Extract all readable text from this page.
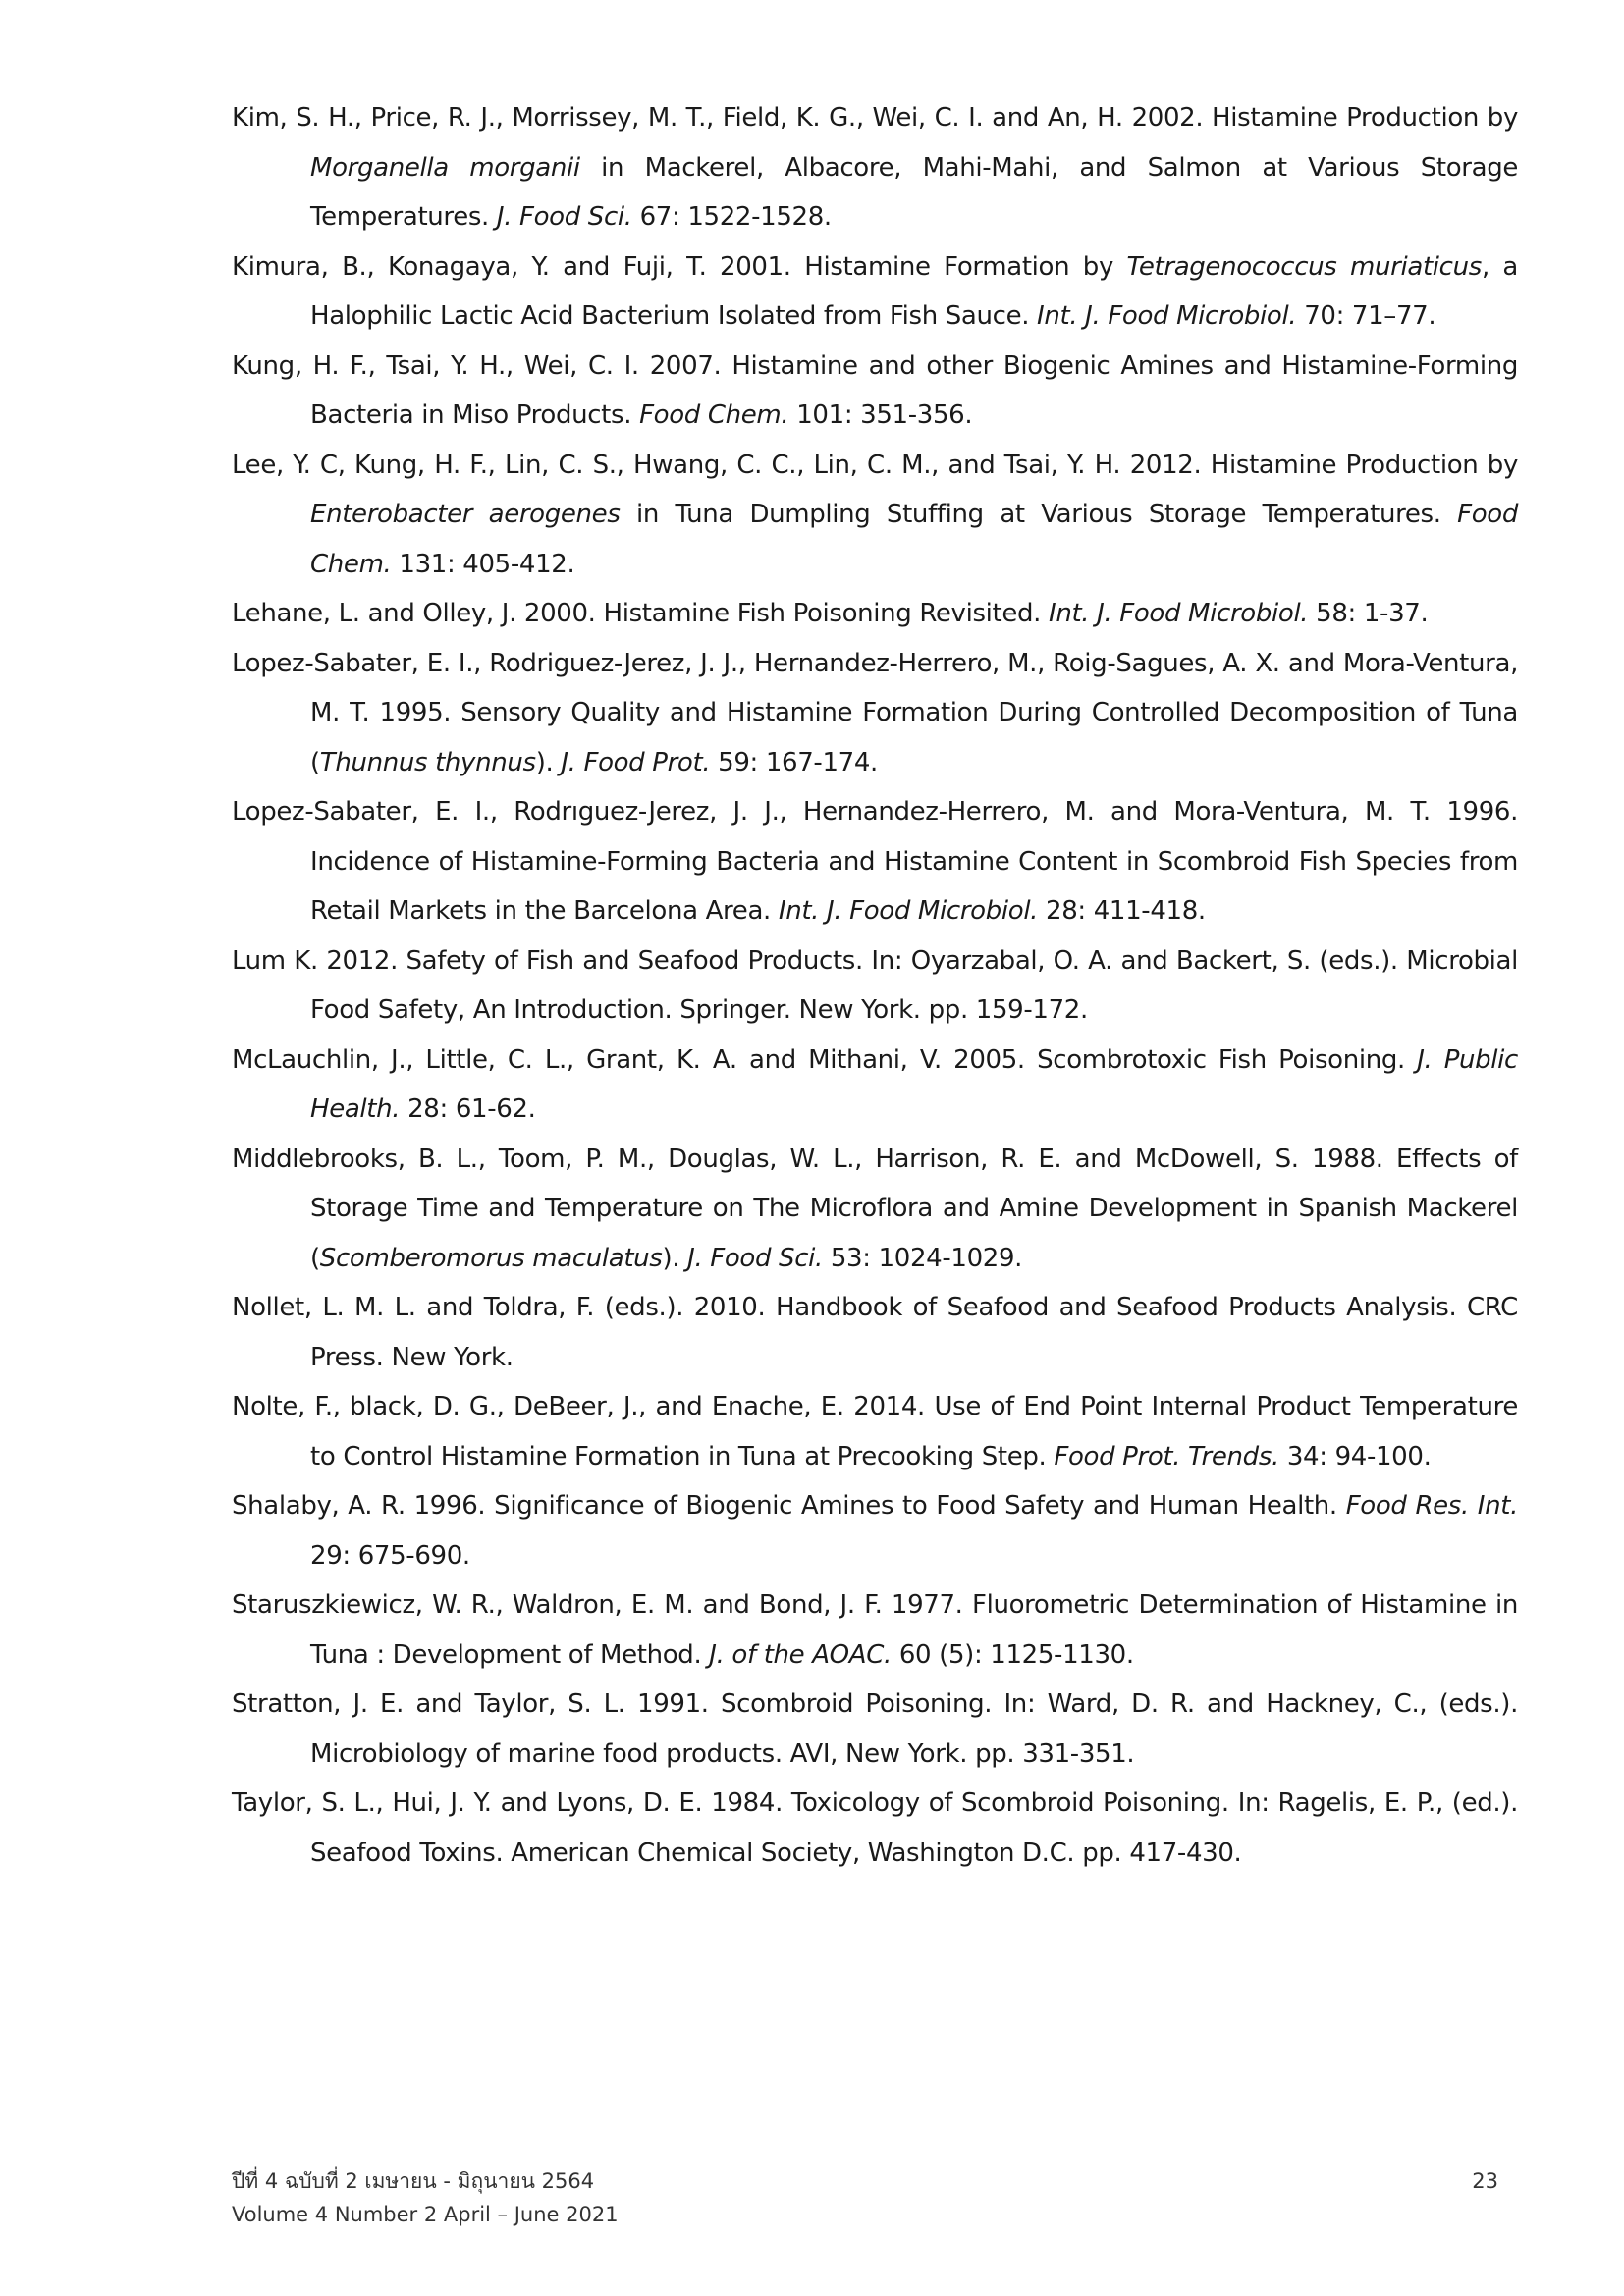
Kim, S. H., Price, R. J., Morrissey, M. T., Field, K. G., Wei, C. I. and An, H. 2002. Histamine Production by Morganella morganii in Mackerel, Albacore, Mahi-Mahi, and Salmon at Various Storage Temperatures. J. Food Sci. 67: 1522-1528.
Kimura, B., Konagaya, Y. and Fuji, T. 2001. Histamine Formation by Tetragenococcus muriaticus, a Halophilic Lactic Acid Bacterium Isolated from Fish Sauce. Int. J. Food Microbiol. 70: 71–77.
Kung, H. F., Tsai, Y. H., Wei, C. I. 2007. Histamine and other Biogenic Amines and Histamine-Forming Bacteria in Miso Products. Food Chem. 101: 351-356.
Lee, Y. C, Kung, H. F., Lin, C. S., Hwang, C. C., Lin, C. M., and Tsai, Y. H. 2012. Histamine Production by Enterobacter aerogenes in Tuna Dumpling Stuffing at Various Storage Temperatures. Food Chem. 131: 405-412.
Lehane, L. and Olley, J. 2000. Histamine Fish Poisoning Revisited. Int. J. Food Microbiol. 58: 1-37.
Lopez-Sabater, E. I., Rodriguez-Jerez, J. J., Hernandez-Herrero, M., Roig-Sagues, A. X. and Mora-Ventura, M. T. 1995. Sensory Quality and Histamine Formation During Controlled Decomposition of Tuna (Thunnus thynnus). J. Food Prot. 59: 167-174.
Lopez-Sabater, E. I., Rodrıguez-Jerez, J. J., Hernandez-Herrero, M. and Mora-Ventura, M. T. 1996. Incidence of Histamine-Forming Bacteria and Histamine Content in Scombroid Fish Species from Retail Markets in the Barcelona Area. Int. J. Food Microbiol. 28: 411-418.
Lum K. 2012. Safety of Fish and Seafood Products. In: Oyarzabal, O. A. and Backert, S. (eds.). Microbial Food Safety, An Introduction. Springer. New York. pp. 159-172.
McLauchlin, J., Little, C. L., Grant, K. A. and Mithani, V. 2005. Scombrotoxic Fish Poisoning. J. Public Health. 28: 61-62.
Middlebrooks, B. L., Toom, P. M., Douglas, W. L., Harrison, R. E. and McDowell, S. 1988. Effects of Storage Time and Temperature on The Microflora and Amine Development in Spanish Mackerel (Scomberomorus maculatus). J. Food Sci. 53: 1024-1029.
Nollet, L. M. L. and Toldra, F. (eds.). 2010. Handbook of Seafood and Seafood Products Analysis. CRC Press. New York.
Nolte, F., black, D. G., DeBeer, J., and Enache, E. 2014. Use of End Point Internal Product Temperature to Control Histamine Formation in Tuna at Precooking Step. Food Prot. Trends. 34: 94-100.
Shalaby, A. R. 1996. Significance of Biogenic Amines to Food Safety and Human Health. Food Res. Int. 29: 675-690.
Staruszkiewicz, W. R., Waldron, E. M. and Bond, J. F. 1977. Fluorometric Determination of Histamine in Tuna : Development of Method. J. of the AOAC. 60 (5): 1125-1130.
Stratton, J. E. and Taylor, S. L. 1991. Scombroid Poisoning. In: Ward, D. R. and Hackney, C., (eds.). Microbiology of marine food products. AVI, New York. pp. 331-351.
Taylor, S. L., Hui, J. Y. and Lyons, D. E. 1984. Toxicology of Scombroid Poisoning. In: Ragelis, E. P., (ed.). Seafood Toxins. American Chemical Society, Washington D.C. pp. 417-430.
ปีที่ 4 ฉบับที่ 2 เมษายน - มิถุนายน 2564
Volume 4 Number 2 April – June 2021
23
